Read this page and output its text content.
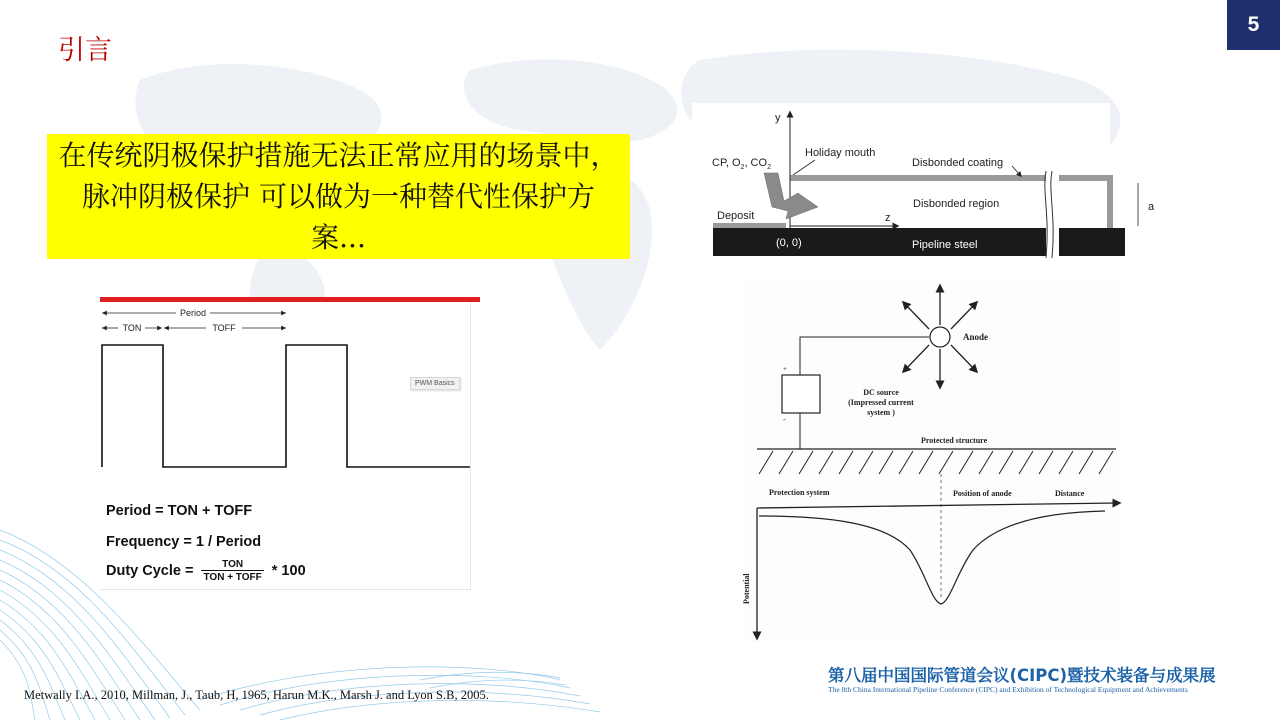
5
引言
在传统阴极保护措施无法正常应用的场景中，脉冲阴极保护 可以做为一种替代性保护方案...
Period
TON	TOFF
PWM Basics
Period = TON + TOFF
Frequency = 1 / Period
Duty Cycle = $\frac{\text{TON}}{\text{TON + TOFF}} * 100$
y
z
CP, $O_2$, $CO_2$
Holiday mouth
Disbonded coating
Disbonded region
Deposit
(0, 0)	Pipeline steel
a
Anode
+
-
DC source
(Impressed current
system )
Protected structure
Protection system	Position of anode	Distance
Potential
Metwally I.A., 2010, Millman, J., Taub, H, 1965, Harun M.K., Marsh J. and Lyon S.B, 2005.
第八届中国国际管道会议(CIPC)暨技术装备与成果展
The 8th China International Pipeline Conference (CIPC) and Exhibition of Technological Equipment and Achievements
